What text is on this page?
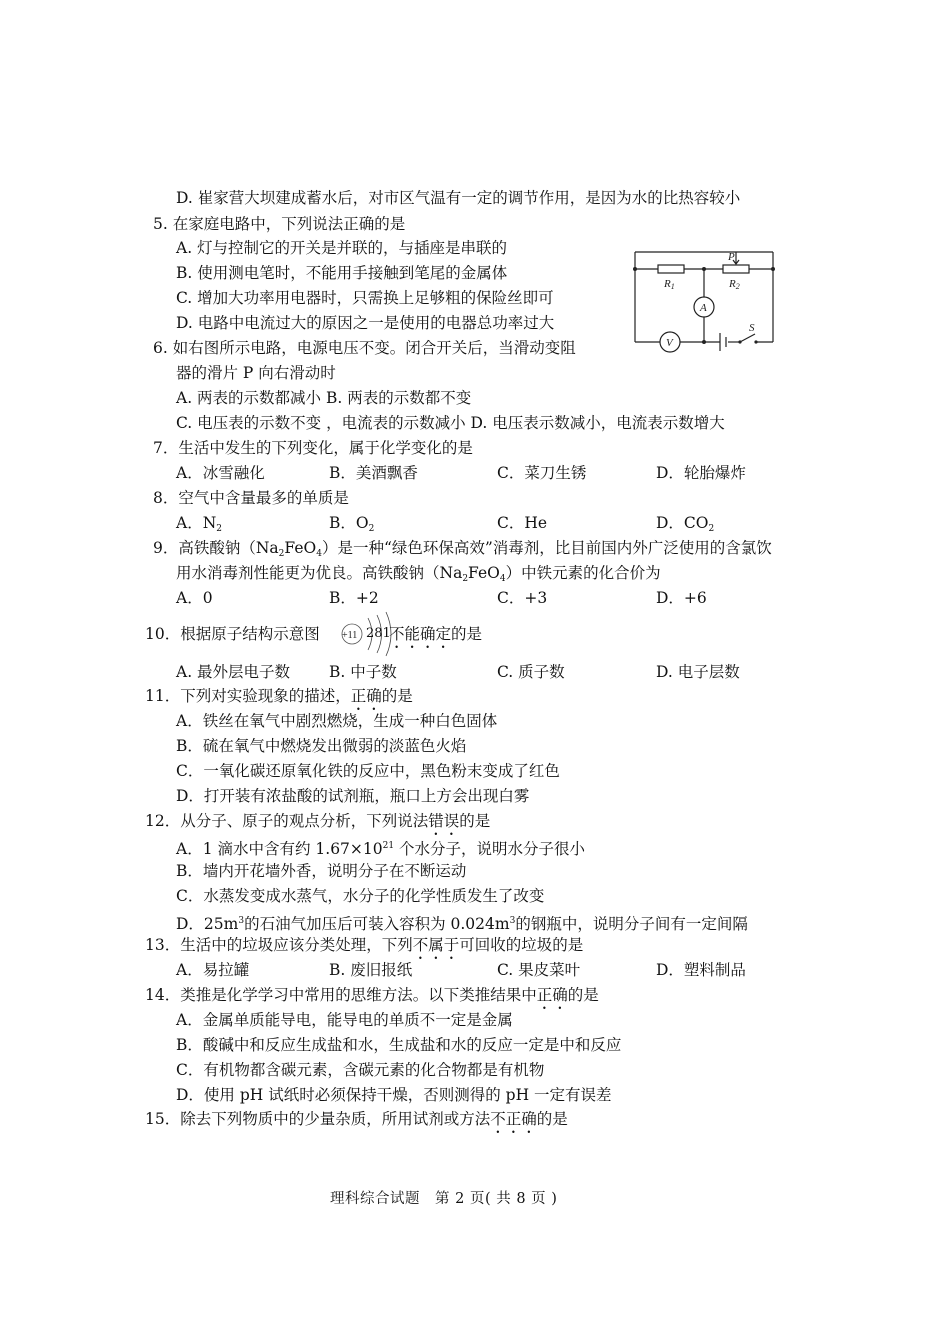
D. 崔家营大坝建成蓄水后，对市区气温有一定的调节作用，是因为水的比热容较小
5. 在家庭电路中，下列说法正确的是
A. 灯与控制它的开关是并联的，与插座是串联的
B. 使用测电笔时，不能用手接触到笔尾的金属体
C. 增加大功率用电器时，只需换上足够粗的保险丝即可
D. 电路中电流过大的原因之一是使用的电器总功率过大
6. 如右图所示电路，电源电压不变。闭合开关后，当滑动变阻
器的滑片 P 向右滑动时
A. 两表的示数都减小 B. 两表的示数都不变
C. 电压表的示数不变 ，电流表的示数减小 D. 电压表示数减小，电流表示数增大
R1	R2
P
S
A
V
7．生活中发生的下列变化，属于化学变化的是
A．冰雪融化	B．美酒飘香	C．菜刀生锈	D．轮胎爆炸
8．空气中含量最多的单质是
A．$N_2$	B．$O_2$	C．He	D．$CO_2$
9．高铁酸钠$(Na_2FeO_4)$是一种“绿色环保高效”消毒剂，比目前国内外广泛使用的含氯饮
用水消毒剂性能更为优良。高铁酸钠$(Na_2FeO_4)$中铁元素的化合价为
A．0	B．+2	C．+3	D．+6
10．根据原子结构示意图 +11 281
不能确定的是
A. 最外层电子数	B. 中子数	C. 质子数	D. 电子层数
11．下列对实验现象的描述，正确的是
A．铁丝在氧气中剧烈燃烧，生成一种白色固体
B．硫在氧气中燃烧发出微弱的淡蓝色火焰
C．一氧化碳还原氧化铁的反应中，黑色粉末变成了红色
D．打开装有浓盐酸的试剂瓶，瓶口上方会出现白雾
12．从分子、原子的观点分析，下列说法错误的是
A．1 滴水中含有约 $1.67\times 10^{21}$ 个水分子，说明水分子很小
B．墙内开花墙外香，说明分子在不断运动
C．水蒸发变成水蒸气，水分子的化学性质发生了改变
D．$25m^3$的石油气加压后可装入容积为 $0.024m^3$的钢瓶中，说明分子间有一定间隔
13．生活中的垃圾应该分类处理，下列不属于可回收的垃圾的是
A．易拉罐	B. 废旧报纸	C. 果皮菜叶	D．塑料制品
14．类推是化学学习中常用的思维方法。以下类推结果中正确的是
A．金属单质能导电，能导电的单质不一定是金属
B．酸碱中和反应生成盐和水，生成盐和水的反应一定是中和反应
C．有机物都含碳元素，含碳元素的化合物都是有机物
D．使用 pH 试纸时必须保持干燥，否则测得的 pH 一定有误差
15．除去下列物质中的少量杂质，所用试剂或方法不正确的是
理科综合试题　第 2 页( 共 8 页 )
